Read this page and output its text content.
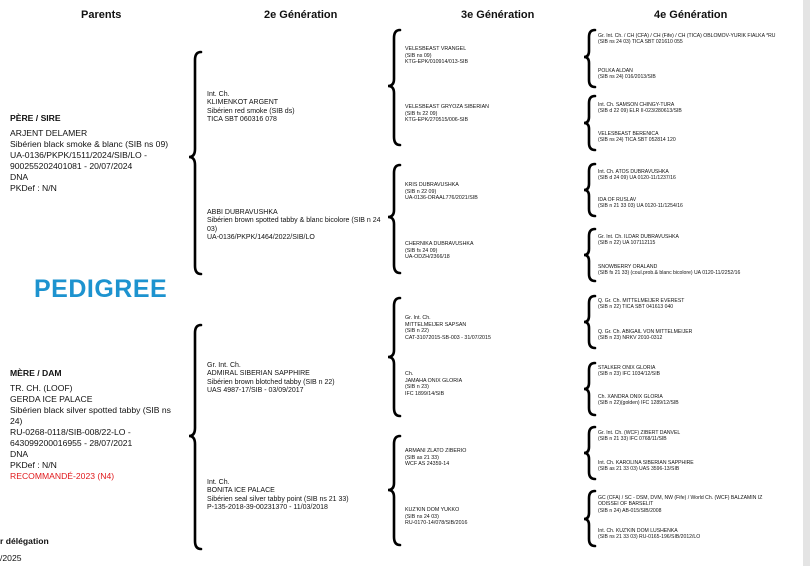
Parents	2e Génération	3e Génération	4e Génération
PÈRE / SIRE
ARJENT DELAMER
Sibérien black smoke & blanc (SIB ns 09)
UA-0136/PKPK/1511/2024/SIB/LO - 900255202401081 - 20/07/2024
DNA
PKDef : N/N
PEDIGREE
MÈRE / DAM
TR. CH. (LOOF)
GERDA ICE PALACE
Sibérien black silver spotted tabby (SIB ns 24)
RU-0268-0118/SIB-008/22-LO - 643099200016955 - 28/07/2021
DNA
PKDef : N/N
RECOMMANDÉ-2023 (N4)
r délégation
/2025
Int. Ch.
KLIMENKOT ARGENT
Sibérien red smoke (SIB ds)
TICA SBT 060316 078
ABBI DUBRAVUSHKA
Sibérien brown spotted tabby & blanc bicolore (SIB n 24 03)
UA-0136/PKPK/1464/2022/SIB/LO
Gr. Int. Ch.
ADMIRAL SIBERIAN SAPPHIRE
Sibérien brown blotched tabby (SIB n 22)
UAS 4987-17/SIB - 03/09/2017
Int. Ch.
BONITA ICE PALACE
Sibérien seal silver tabby point (SIB ns 21 33)
P-135-2018-39-00231370 - 11/03/2018
VELESBEAST VRANGEL
(SIB ns 09)
KTG-EPK/010914/013-SIB
VELESBEAST GRYOZA SIBERIAN
(SIB fs 22 09)
KTG-EPK/270515/006-SIB
KRIS DUBRAVUSHKA
(SIB n 22 09)
UA-0136-ORAAL776/2021/SIB
CHERNIKA DUBRAVUSHKA
(SIB fs 24 09)
UA-ODZH/2366/18
Gr. Int. Ch.
MITTELMEIJER SAPSAN
(SIB n 22)
CAT-31072015-SB-003 - 31/07/2015
Ch.
JAMAHA ONIX GLORIA
(SIB n 23)
IFC 1899/14/SIB
ARMANI ZLATO ZIBERIO
(SIB as 21 33)
WCF AS 24359-14
KUZ'KIN DOM YUKKO
(SIB ns 24 03)
RU-0170-14/078/SIB/2016
Gr. Int. Ch. / CH (CFA) / CH (Fife) / CH (TICA) OBLOMOV-YURIK FIALKA *RU
(SIB ns 24 03) TICA SBT 021610 055
POLKA ALDAN
(SIB ns 24) 016/2013/SIB
Int. Ch. SAMSON CHINGY-TURA
(SIB d 22 09) ELR II-023/280613/SIB
VELESBEAST BERENICA
(SIB ns 24) TICA SBT 052814 120
Int. Ch. ATOS DUBRAVUSHKA
(SIB d 24 09) UA 0120-11/1237/16
IDA OF RUSLAV
(SIB n 21 33 03) UA 0120-11/1254/16
Gr. Int. Ch. ILDAR DUBRAVUSHKA
(SIB n 22) UA 107112115
SNOWBERRY ORALAND
(SIB fs 21 33) (coul.prob.& blanc bicolore) UA 0120-11/2252/16
Q. Gr. Ch. MITTELMEIJER EVEREST
(SIB n 22) TICA SBT 041613 040
Q. Gr. Ch. ABIGAIL VON MITTELMEIJER
(SIB n 23) NRKV 2010-0312
STALKER ONIX GLORIA
(SIB n 23) IFC 1034/12/SIB
Ch. XANDRA ONIX GLORIA
(SIB n 22)(golden) IFC 1289/12/SIB
Gr. Int. Ch. (WCF) ZIBERT DANVEL
(SIB n 21 33) IFC 0768/11/SIB
Int. Ch. KAROLINA SIBERIAN SAPPHIRE
(SIB as 21 33 03) UAS 3596-13/SIB
GC (CFA) / SC - DSM, DVM, NW (Fife) / World Ch. (WCF) BALZAMIN IZ ODISSEI OF BARSELIT
(SIB n 24) AB-015/SIB/2008
Int. Ch. KUZ'KIN DOM LUSHENKA
(SIB ns 21 33 03) RU-0165-196/SIB/2012/LO
